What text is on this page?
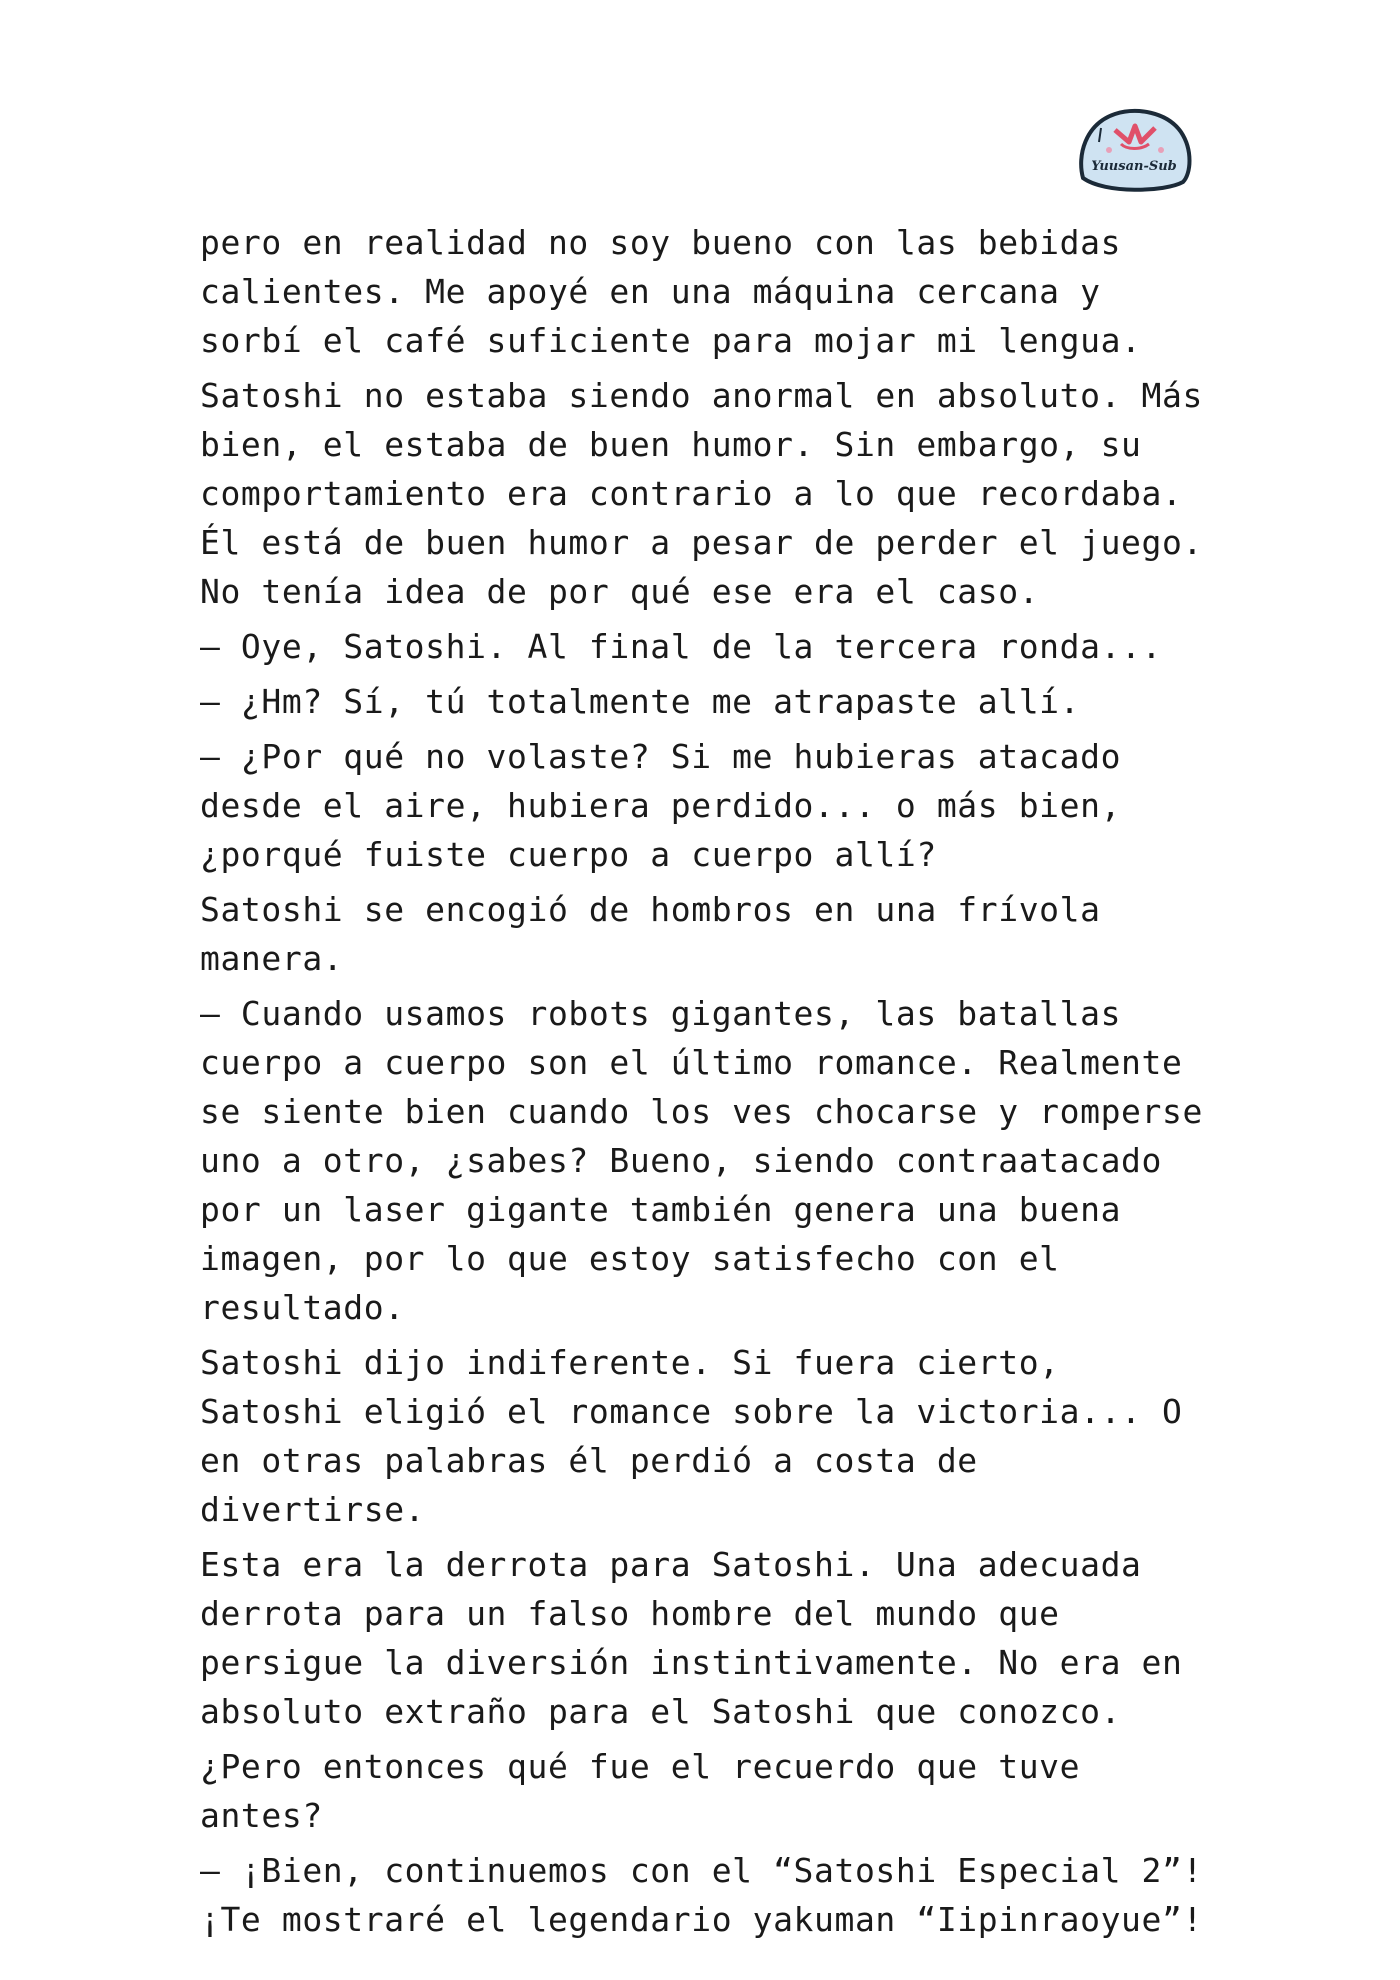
Yuusan-Sub

pero en realidad no soy bueno con las bebidas calientes. Me apoyé en una máquina cercana y sorbí el café suficiente para mojar mi lengua.

Satoshi no estaba siendo anormal en absoluto. Más bien, el estaba de buen humor. Sin embargo, su comportamiento era contrario a lo que recordaba. Él está de buen humor a pesar de perder el juego. No tenía idea de por qué ese era el caso.

– Oye, Satoshi. Al final de la tercera ronda...

– ¿Hm? Sí, tú totalmente me atrapaste allí.

– ¿Por qué no volaste? Si me hubieras atacado desde el aire, hubiera perdido... o más bien, ¿porqué fuiste cuerpo a cuerpo allí?

Satoshi se encogió de hombros en una frívola manera.

– Cuando usamos robots gigantes, las batallas cuerpo a cuerpo son el último romance. Realmente se siente bien cuando los ves chocarse y romperse uno a otro, ¿sabes? Bueno, siendo contraatacado por un laser gigante también genera una buena imagen, por lo que estoy satisfecho con el resultado.

Satoshi dijo indiferente. Si fuera cierto, Satoshi eligió el romance sobre la victoria... O en otras palabras él perdió a costa de divertirse.

Esta era la derrota para Satoshi. Una adecuada derrota para un falso hombre del mundo que persigue la diversión instintivamente. No era en absoluto extraño para el Satoshi que conozco.

¿Pero entonces qué fue el recuerdo que tuve antes?

– ¡Bien, continuemos con el “Satoshi Especial 2”! ¡Te mostraré el legendario yakuman “Iipinraoyue”!
